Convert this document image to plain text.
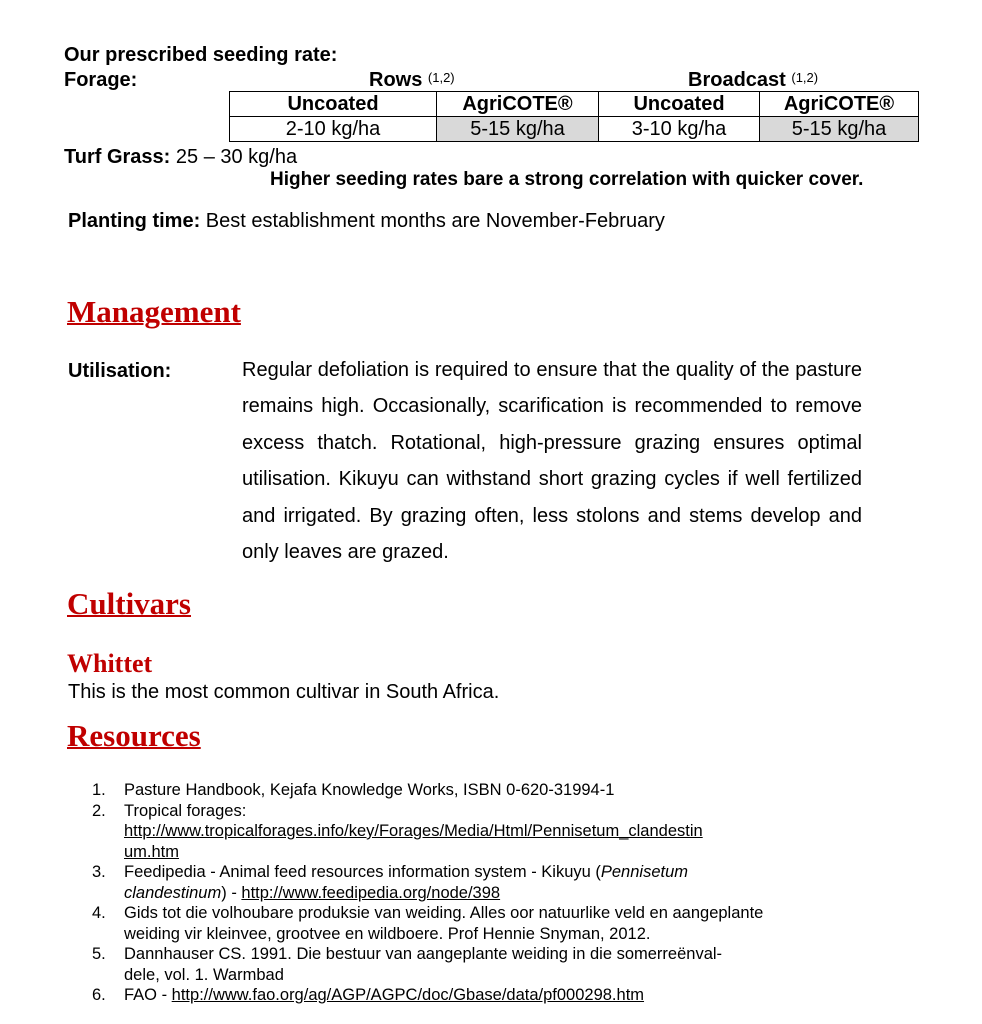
Our prescribed seeding rate:
Forage:	Rows $^{(1,2)}$	Broadcast $^{(1,2)}$
Uncoated	AgriCOTE®	Uncoated	AgriCOTE®
2-10 kg/ha	5-15 kg/ha	3-10 kg/ha	5-15 kg/ha
Turf Grass: 25 – 30 kg/ha
Higher seeding rates bare a strong correlation with quicker cover.
Planting time: Best establishment months are November-February
Management
Utilisation:	Regular defoliation is required to ensure that the quality of the pasture remains high. Occasionally, scarification is recommended to remove excess thatch. Rotational, high-pressure grazing ensures optimal utilisation. Kikuyu can withstand short grazing cycles if well fertilized and irrigated. By grazing often, less stolons and stems develop and only leaves are grazed.
Cultivars
Whittet
This is the most common cultivar in South Africa.
Resources
1. Pasture Handbook, Kejafa Knowledge Works, ISBN 0-620-31994-1
2. Tropical forages:
http://www.tropicalforages.info/key/Forages/Media/Html/Pennisetum_clandestin
um.htm
3. Feedipedia - Animal feed resources information system - Kikuyu (Pennisetum
clandestinum) - http://www.feedipedia.org/node/398
4. Gids tot die volhoubare produksie van weiding. Alles oor natuurlike veld en aangeplante
weiding vir kleinvee, grootvee en wildboere. Prof Hennie Snyman, 2012.
5. Dannhauser CS. 1991. Die bestuur van aangeplante weiding in die somerreënval-
dele, vol. 1. Warmbad
6. FAO - http://www.fao.org/ag/AGP/AGPC/doc/Gbase/data/pf000298.htm
